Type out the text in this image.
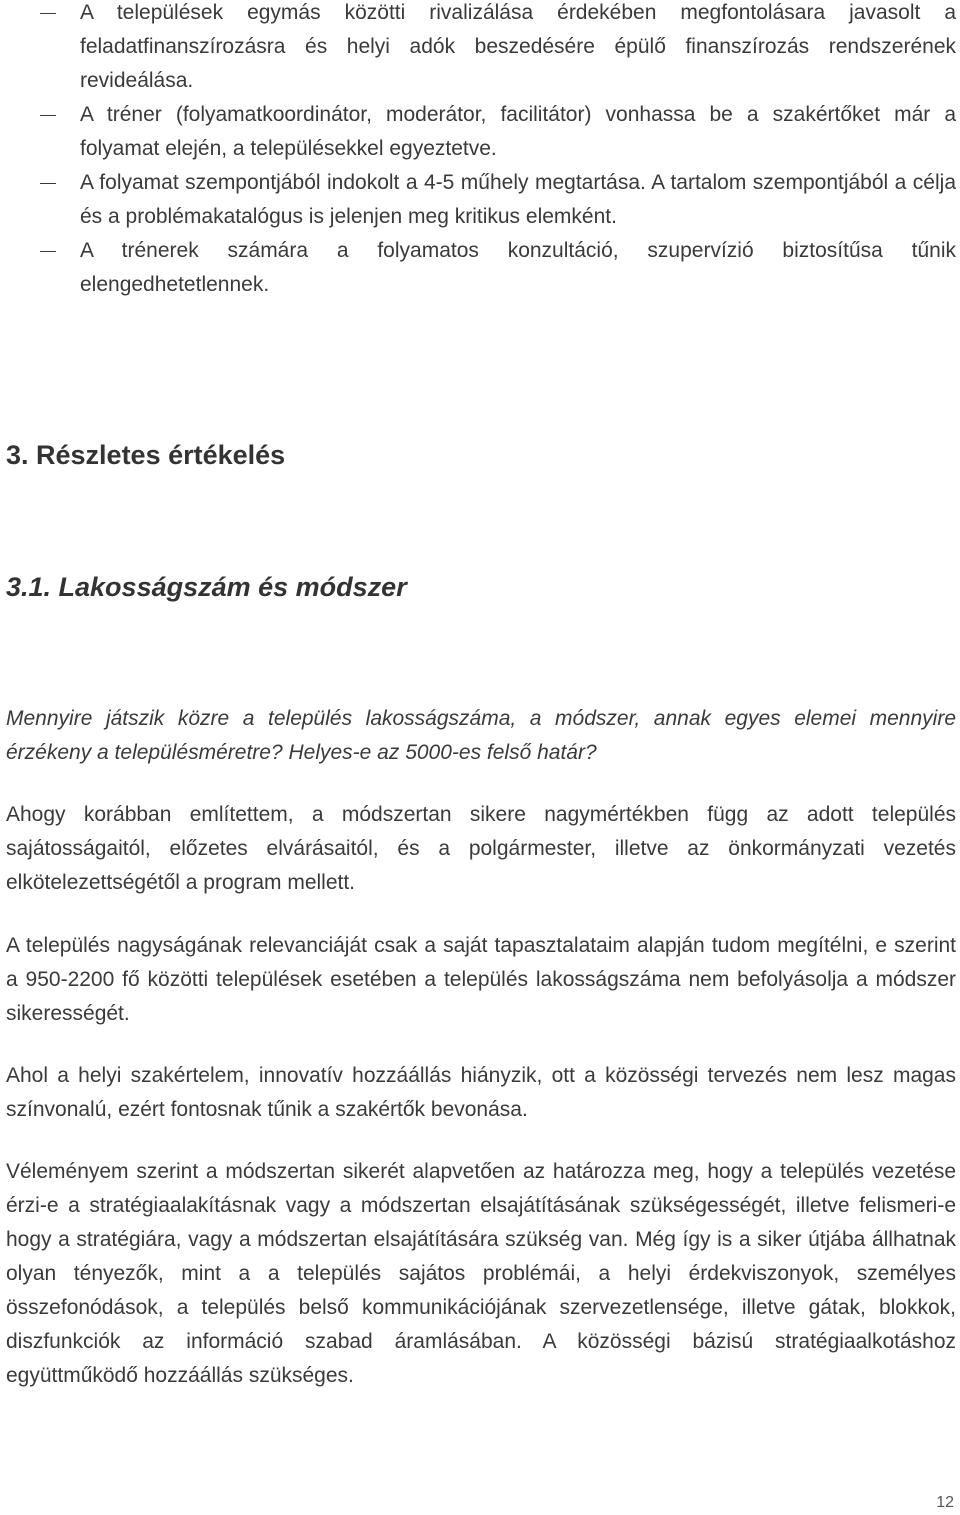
A települések egymás közötti rivalizálása érdekében megfontolásara javasolt a feladatfinanszírozásra és helyi adók beszedésére épülő finanszírozás rendszerének revideálása.
A tréner (folyamatkoordinátor, moderátor, facilitátor) vonhassa be a szakértőket már a folyamat elején, a településekkel egyeztetve.
A folyamat szempontjából indokolt a 4-5 műhely megtartása. A tartalom szempontjából a célja és a problémakatalógus is jelenjen meg kritikus elemként.
A trénerek számára a folyamatos konzultáció, szupervízió biztosítűsa tűnik elengedhetetlennek.
3. Részletes értékelés
3.1. Lakosságszám és módszer

Mennyire játszik közre a település lakosságszáma, a módszer, annak egyes elemei mennyire érzékeny a településméretre? Helyes-e az 5000-es felső határ?

Ahogy korábban említettem, a módszertan sikere nagymértékben függ az adott település sajátosságaitól, előzetes elvárásaitól, és a polgármester, illetve az önkormányzati vezetés elkötelezettségétől a program mellett.

A település nagyságának relevanciáját csak a saját tapasztalataim alapján tudom megítélni, e szerint a 950-2200 fő közötti települések esetében a település lakosságszáma nem befolyásolja a módszer sikerességét.

Ahol a helyi szakértelem, innovatív hozzáállás hiányzik, ott a közösségi tervezés nem lesz magas színvonalú, ezért fontosnak tűnik a szakértők bevonása.

Véleményem szerint a módszertan sikerét alapvetően az határozza meg, hogy a település vezetése érzi-e a stratégiaalakításnak vagy a módszertan elsajátításának szükségességét, illetve felismeri-e hogy a stratégiára, vagy a módszertan elsajátítására szükség van. Még így is a siker útjába állhatnak olyan tényezők, mint a a település sajátos problémái, a helyi érdekviszonyok, személyes összefonódások, a település belső kommunikációjának szervezetlensége, illetve gátak, blokkok, diszfunkciók az információ szabad áramlásában. A közösségi bázisú stratégiaalkotáshoz együttműködő hozzáállás szükséges.

12
